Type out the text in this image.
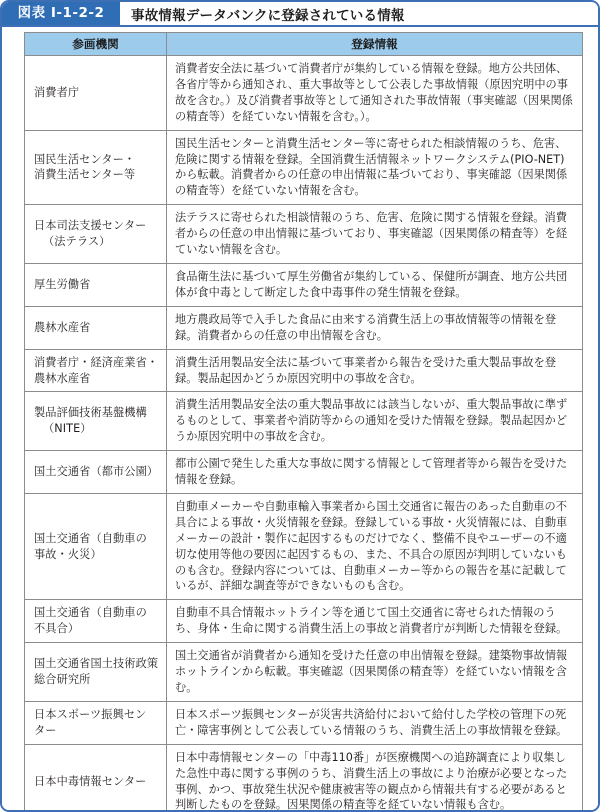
図表 I-1-2-2	事故情報データバンクに登録されている情報
参画機関	登録情報
消費者庁	消費者安全法に基づいて消費者庁が集約している情報を登録。地方公共団体、各省庁等から通知され、重大事故等として公表した事故情報（原因究明中の事故を含む。）及び消費者事故等として通知された事故情報（事実確認（因果関係の精査等）を経ていない情報を含む。）。
国民生活センター・
消費生活センター等	国民生活センターと消費生活センター等に寄せられた相談情報のうち、危害、危険に関する情報を登録。全国消費生活情報ネットワークシステム(PIO-NET)から転載。消費者からの任意の申出情報に基づいており、事実確認（因果関係の精査等）を経ていない情報を含む。
日本司法支援センター
（法テラス）	法テラスに寄せられた相談情報のうち、危害、危険に関する情報を登録。消費者からの任意の申出情報に基づいており、事実確認（因果関係の精査等）を経ていない情報を含む。
厚生労働省	食品衛生法に基づいて厚生労働省が集約している、保健所が調査、地方公共団体が食中毒として断定した食中毒事件の発生情報を登録。
農林水産省	地方農政局等で入手した食品に由来する消費生活上の事故情報等の情報を登録。消費者からの任意の申出情報を含む。
消費者庁・経済産業省・
農林水産省	消費生活用製品安全法に基づいて事業者から報告を受けた重大製品事故を登録。製品起因かどうか原因究明中の事故を含む。
製品評価技術基盤機構
（NITE）	消費生活用製品安全法の重大製品事故には該当しないが、重大製品事故に準ずるものとして、事業者や消防等からの通知を受けた情報を登録。製品起因かどうか原因究明中の事故を含む。
国土交通省（都市公園）	都市公園で発生した重大な事故に関する情報として管理者等から報告を受けた情報を登録。
国土交通省（自動車の
事故・火災）	自動車メーカーや自動車輸入事業者から国土交通省に報告のあった自動車の不具合による事故・火災情報を登録。登録している事故・火災情報には、自動車メーカーの設計・製作に起因するものだけでなく、整備不良やユーザーの不適切な使用等他の要因に起因するもの、また、不具合の原因が判明していないものも含む。登録内容については、自動車メーカー等からの報告を基に記載しているが、詳細な調査等ができないものも含む。
国土交通省（自動車の
不具合）	自動車不具合情報ホットライン等を通じて国土交通省に寄せられた情報のうち、身体・生命に関する消費生活上の事故と消費者庁が判断した情報を登録。
国土交通省国土技術政策
総合研究所	国土交通省が消費者から通知を受けた任意の申出情報を登録。建築物事故情報ホットラインから転載。事実確認（因果関係の精査等）を経ていない情報を含む。
日本スポーツ振興セン
ター	日本スポーツ振興センターが災害共済給付において給付した学校の管理下の死亡・障害事例として公表している情報のうち、消費生活上の事故情報を登録。
日本中毒情報センター	日本中毒情報センターの「中毒110番」が医療機関への追跡調査により収集した急性中毒に関する事例のうち、消費生活上の事故により治療が必要となった事例、かつ、事故発生状況や健康被害等の観点から情報共有する必要があると判断したものを登録。因果関係の精査等を経ていない情報も含む。
